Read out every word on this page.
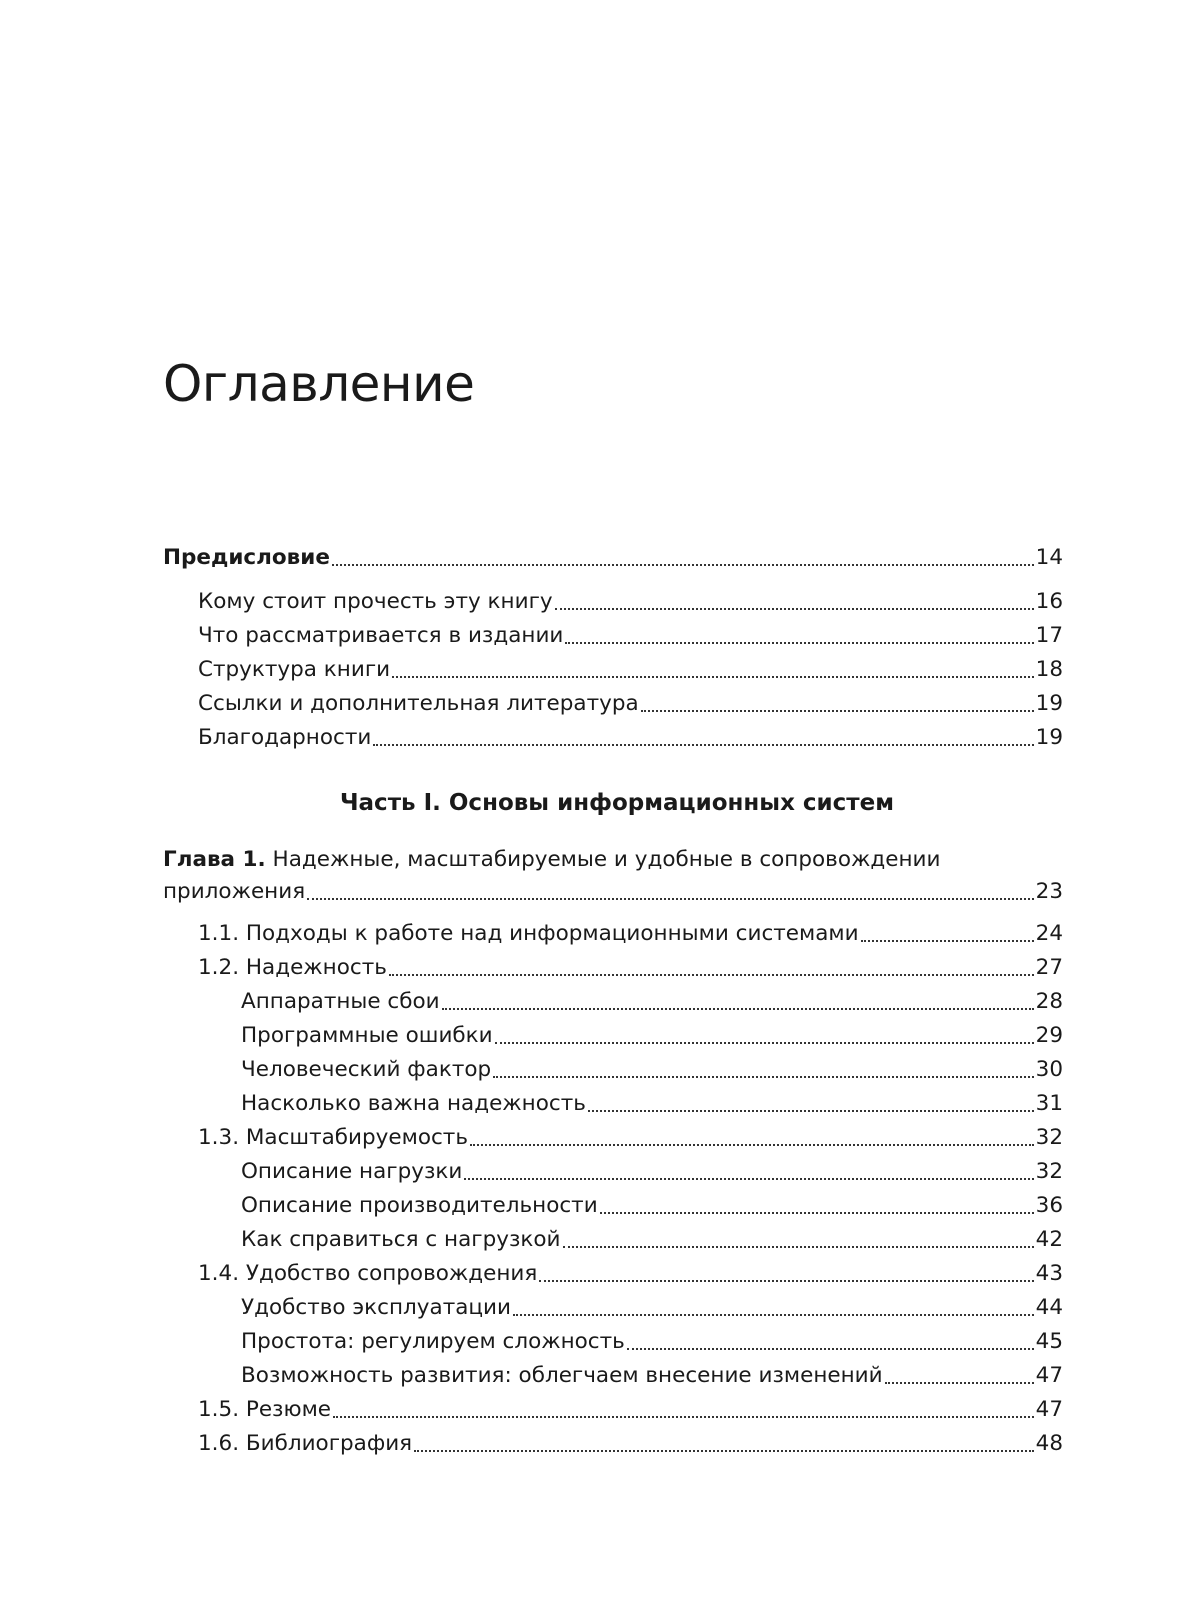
Оглавление
Предисловие	14
Кому стоит прочесть эту книгу	16
Что рассматривается в издании	17
Структура книги	18
Ссылки и дополнительная литература	19
Благодарности	19
Часть I. Основы информационных систем
Глава 1. Надежные, масштабируемые и удобные в сопровождении
приложения	23
1.1. Подходы к работе над информационными системами	24
1.2. Надежность	27
Аппаратные сбои	28
Программные ошибки	29
Человеческий фактор	30
Насколько важна надежность	31
1.3. Масштабируемость	32
Описание нагрузки	32
Описание производительности	36
Как справиться с нагрузкой	42
1.4. Удобство сопровождения	43
Удобство эксплуатации	44
Простота: регулируем сложность	45
Возможность развития: облегчаем внесение изменений	47
1.5. Резюме	47
1.6. Библиография	48
